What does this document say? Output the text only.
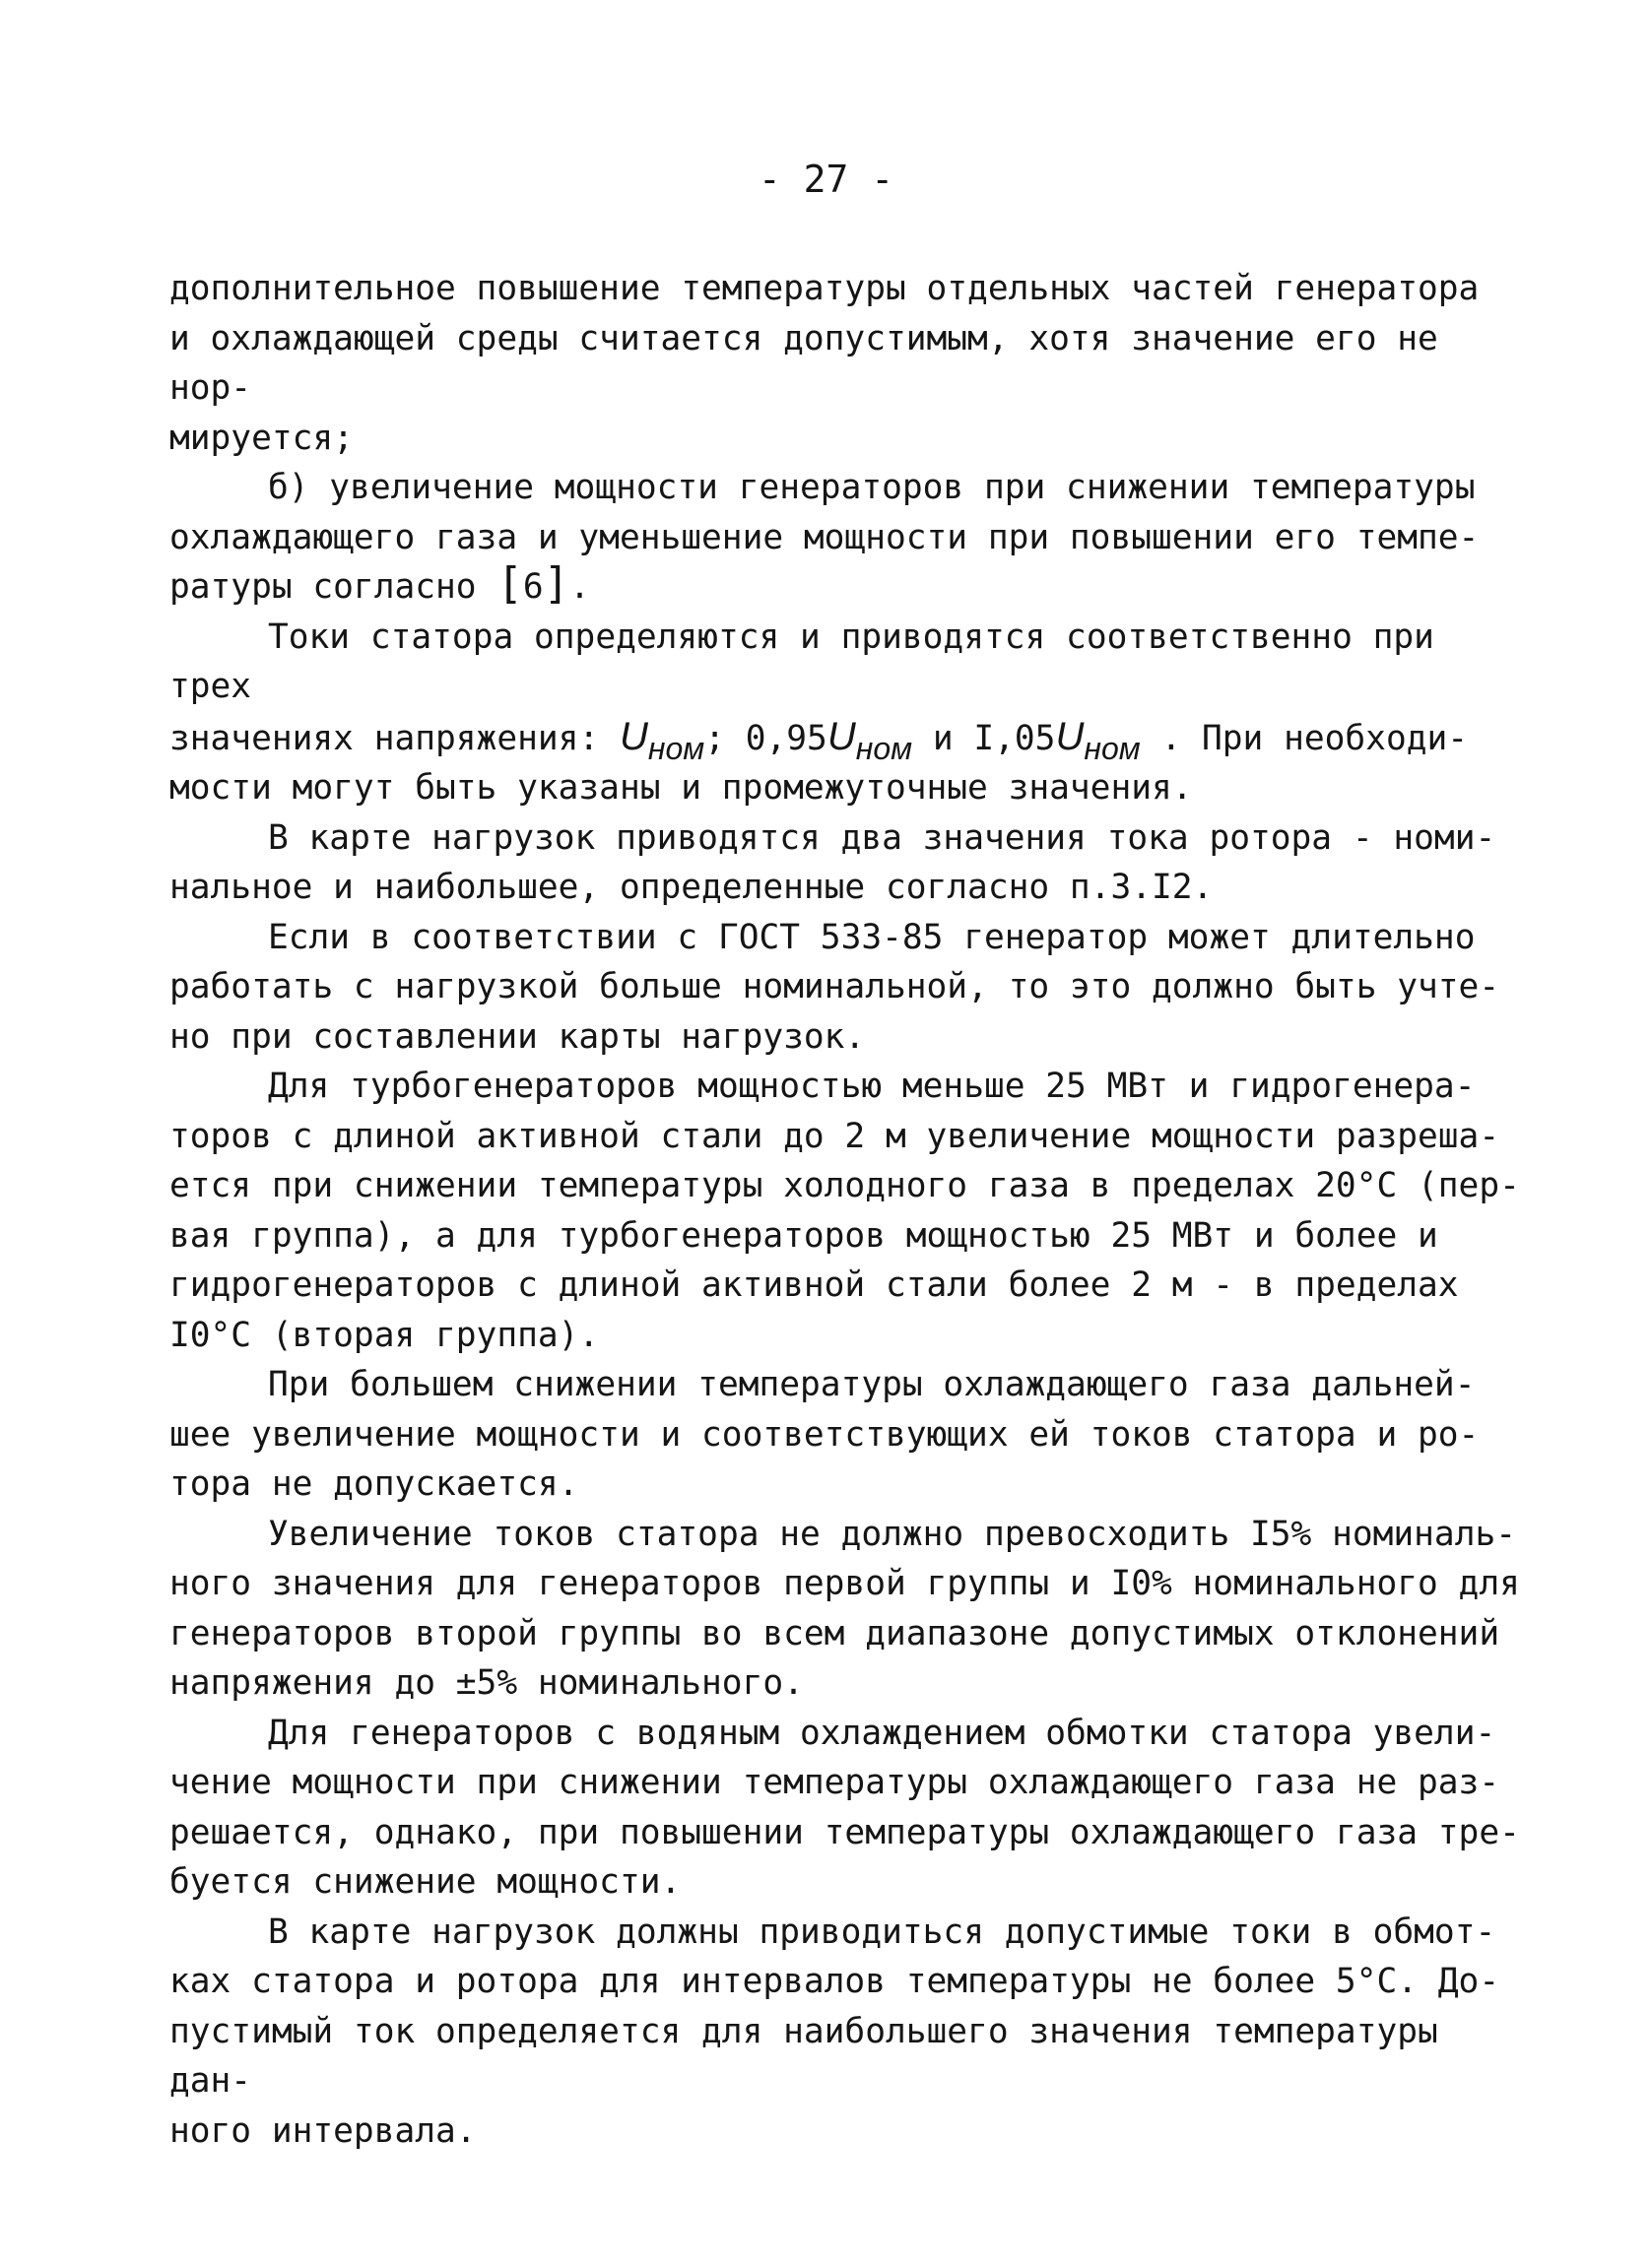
- 27 -

дополнительное повышение температуры отдельных частей генератора
и охлаждающей среды считается допустимым, хотя значение его не нор-
мируется;

б) увеличение мощности генераторов при снижении температуры
охлаждающего газа и уменьшение мощности при повышении его темпе-
ратуры согласно [6].

Токи статора определяются и приводятся соответственно при трех
значениях напряжения: $U_{ном}$; $0,95U_{ном}$ и $I,05U_{ном}$ . При необходи-
мости могут быть указаны и промежуточные значения.

В карте нагрузок приводятся два значения тока ротора - номи-
нальное и наибольшее, определенные согласно п.3.I2.

Если в соответствии с ГОСТ 533-85 генератор может длительно
работать с нагрузкой больше номинальной, то это должно быть учте-
но при составлении карты нагрузок.

Для турбогенераторов мощностью меньше 25 МВт и гидрогенера-
торов с длиной активной стали до 2 м увеличение мощности разреша-
ется при снижении температуры холодного газа в пределах 20°С (пер-
вая группа), а для турбогенераторов мощностью 25 МВт и более и
гидрогенераторов с длиной активной стали более 2 м - в пределах
I0°С (вторая группа).

При большем снижении температуры охлаждающего газа дальней-
шее увеличение мощности и соответствующих ей токов статора и ро-
тора не допускается.

Увеличение токов статора не должно превосходить I5% номиналь-
ного значения для генераторов первой группы и I0% номинального для
генераторов второй группы во всем диапазоне допустимых отклонений
напряжения до ±5% номинального.

Для генераторов с водяным охлаждением обмотки статора увели-
чение мощности при снижении температуры охлаждающего газа не раз-
решается, однако, при повышении температуры охлаждающего газа тре-
буется снижение мощности.

В карте нагрузок должны приводиться допустимые токи в обмот-
ках статора и ротора для интервалов температуры не более 5°С. До-
пустимый ток определяется для наибольшего значения температуры дан-
ного интервала.
